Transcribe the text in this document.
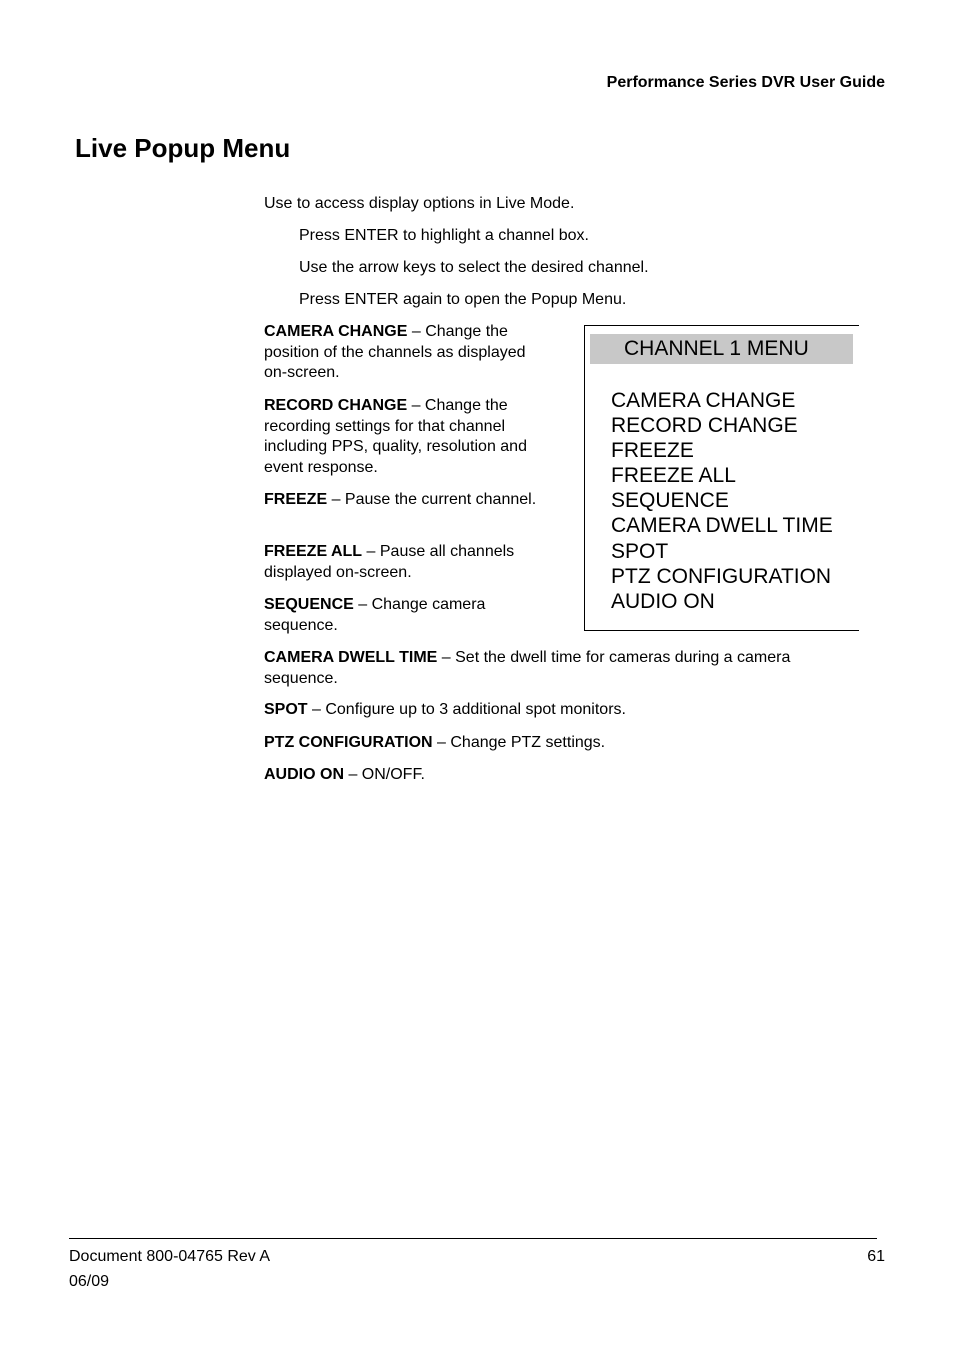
Performance Series DVR User Guide
Live Popup Menu
Use to access display options in Live Mode.
Press ENTER to highlight a channel box.
Use the arrow keys to select the desired channel.
Press ENTER again to open the Popup Menu.

CAMERA CHANGE – Change the position of the channels as displayed on-screen.

RECORD CHANGE – Change the recording settings for that channel including PPS, quality, resolution and event response.

FREEZE – Pause the current channel.

FREEZE ALL – Pause all channels displayed on-screen.

SEQUENCE – Change camera sequence.

CAMERA DWELL TIME – Set the dwell time for cameras during a camera sequence.

SPOT – Configure up to 3 additional spot monitors.

PTZ CONFIGURATION – Change PTZ settings.

AUDIO ON – ON/OFF.

CHANNEL 1 MENU
CAMERA CHANGE
RECORD CHANGE
FREEZE
FREEZE ALL
SEQUENCE
CAMERA DWELL TIME
SPOT
PTZ CONFIGURATION
AUDIO ON
Document 800-04765 Rev A
06/09
61
